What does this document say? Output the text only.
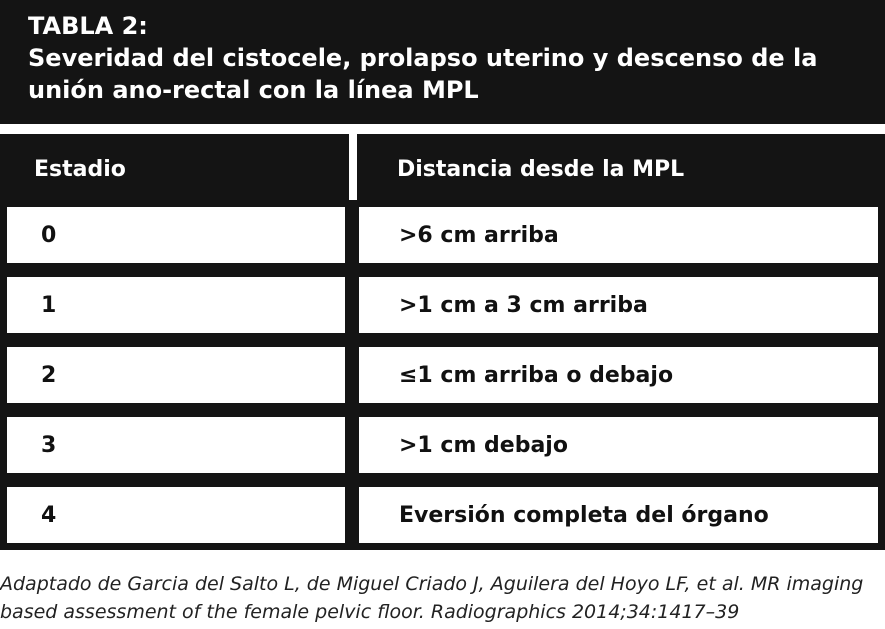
TABLA 2:

Severidad del cistocele, prolapso uterino y descenso de la unión ano-rectal con la línea MPL

Estadio	Distancia desde la MPL
0	>6 cm arriba
1	>1 cm a 3 cm arriba
2	≤1 cm arriba o debajo
3	>1 cm debajo
4	Eversión completa del órgano

Adaptado de Garcia del Salto L, de Miguel Criado J, Aguilera del Hoyo LF, et al. MR imaging based assessment of the female pelvic floor. Radiographics 2014;34:1417–39
